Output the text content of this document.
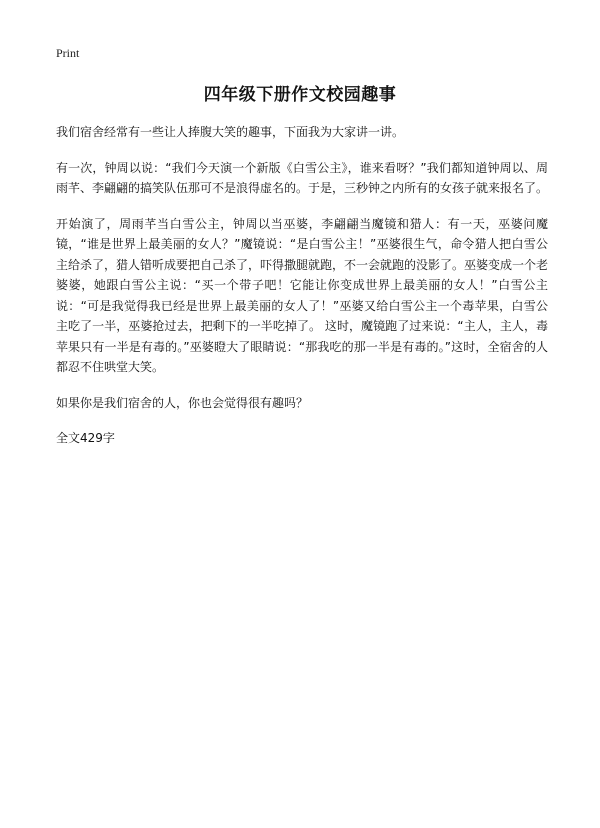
Print
四年级下册作文校园趣事

我们宿舍经常有一些让人捧腹大笑的趣事，下面我为大家讲一讲。

有一次，钟周以说：“我们今天演一个新版《白雪公主》，谁来看呀？”我们都知道钟周以、周雨芊、李翩翩的搞笑队伍那可不是浪得虚名的。于是，三秒钟之内所有的女孩子就来报名了。

开始演了，周雨芊当白雪公主，钟周以当巫婆，李翩翩当魔镜和猎人：有一天，巫婆问魔镜，“谁是世界上最美丽的女人？”魔镜说：“是白雪公主！”巫婆很生气，命令猎人把白雪公主给杀了，猎人错听成要把自己杀了，吓得撒腿就跑，不一会就跑的没影了。巫婆变成一个老婆婆，她跟白雪公主说：“买一个带子吧！它能让你变成世界上最美丽的女人！”白雪公主说：“可是我觉得我已经是世界上最美丽的女人了！”巫婆又给白雪公主一个毒苹果，白雪公主吃了一半，巫婆抢过去，把剩下的一半吃掉了。 这时，魔镜跑了过来说：“主人，主人，毒苹果只有一半是有毒的。”巫婆瞪大了眼睛说：“那我吃的那一半是有毒的。”这时，全宿舍的人都忍不住哄堂大笑。

如果你是我们宿舍的人，你也会觉得很有趣吗？

全文429字
